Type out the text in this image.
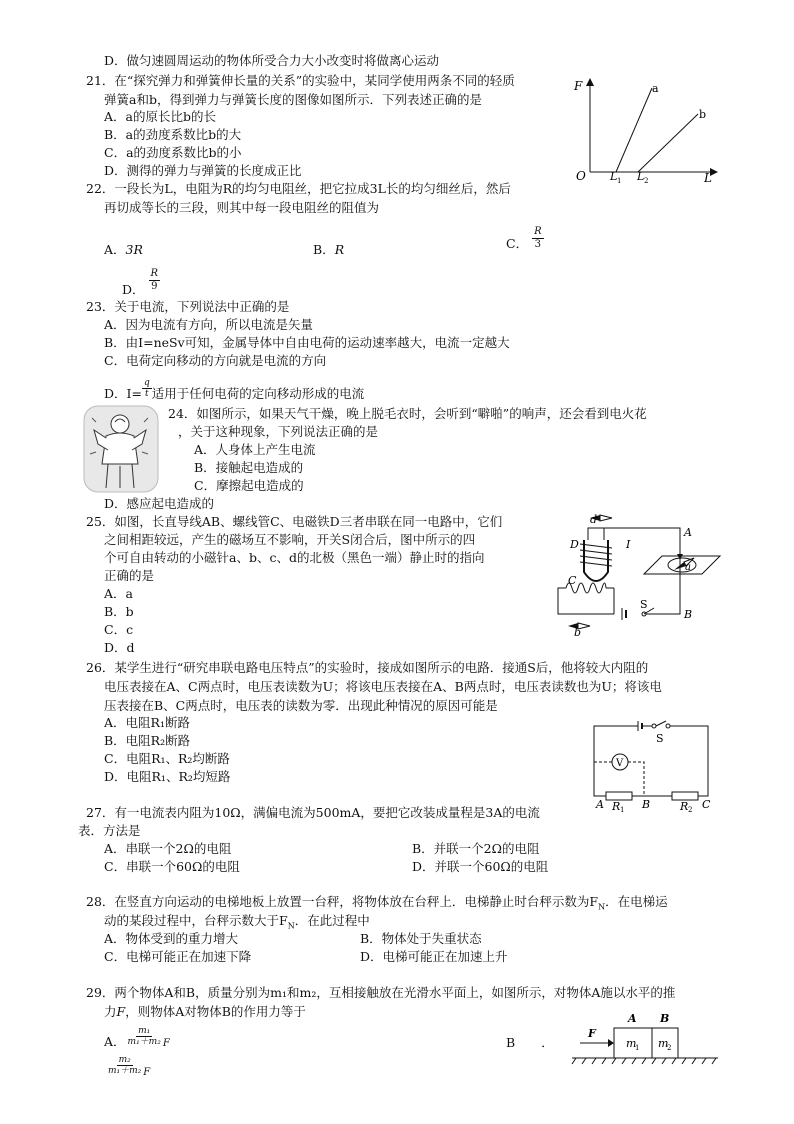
D．做匀速圆周运动的物体所受合力大小改变时将做离心运动
21．在“探究弹力和弹簧伸长量的关系”的实验中，某同学使用两条不同的轻质
弹簧a和b，得到弹力与弹簧长度的图像如图所示．下列表述正确的是
A．a的原长比b的长
B．a的劲度系数比b的大
C．a的劲度系数比b的小
D．测得的弹力与弹簧的长度成正比
F
O	L
L 1 L 2
a
b
22．一段长为L，电阻为R的均匀电阻丝，把它拉成3L长的均匀细丝后，然后
再切成等长的三段，则其中每一段电阻丝的阻值为
A．3R	B．R	C． $\frac{R}{3}$
D． $\frac{R}{9}$
23．关于电流，下列说法中正确的是
A．因为电流有方向，所以电流是矢量
B．由I=neSv可知，金属导体中自由电荷的运动速率越大，电流一定越大
C．电荷定向移动的方向就是电流的方向
D．$I= \frac{q}{t}$ 适用于任何电荷的定向移动形成的电流
24．如图所示，如果天气干燥，晚上脱毛衣时，会听到“噼啪”的响声，还会看到电火花
，关于这种现象，下列说法正确的是
A．人身体上产生电流
B．接触起电造成的
C．摩擦起电造成的
D．感应起电造成的
25．如图，长直导线AB、螺线管C、电磁铁D三者串联在同一电路中，它们
之间相距较远，产生的磁场互不影响，开关S闭合后，图中所示的四
个可自由转动的小磁针a、b、c、d的北极（黑色一端）静止时的指向
正确的是
A．a
B．b
C．c
D．d
d
D	I
A
a
C
S
B
b
26．某学生进行“研究串联电路电压特点”的实验时，接成如图所示的电路．接通S后，他将较大内阻的
电压表接在A、C两点时，电压表读数为U；将该电压表接在A、B两点时，电压表读数也为U；将该电
压表接在B、C两点时，电压表的读数为零．出现此种情况的原因可能是
A．电阻R₁断路
B．电阻R₂断路
C．电阻R₁、R₂均断路
D．电阻R₁、R₂均短路
S
V
A R 1 B	R 2 C
27．有一电流表内阻为10Ω，满偏电流为500mA，要把它改装成量程是3A的电流
表．方法是
A．串联一个2Ω的电阻	B．并联一个2Ω的电阻
C．串联一个60Ω的电阻	D．并联一个60Ω的电阻
28．在竖直方向运动的电梯地板上放置一台秤，将物体放在台秤上．电梯静止时台秤示数为$F_N$．在电梯运
动的某段过程中，台秤示数大于$F_N$．在此过程中
A．物体受到的重力增大	B．物体处于失重状态
C．电梯可能正在加速下降	D．电梯可能正在加速上升
29．两个物体A和B，质量分别为m₁和m₂，互相接触放在光滑水平面上，如图所示，对物体A施以水平的推
力F，则物体A对物体B的作用力等于
A． $\frac{\text{m₁}}{\text{m₁＋m₂}} _F$	B ．
$\frac{\text{m₂}}{\text{m₁＋m₂}} _F$
A B
F
m
1 m
2
